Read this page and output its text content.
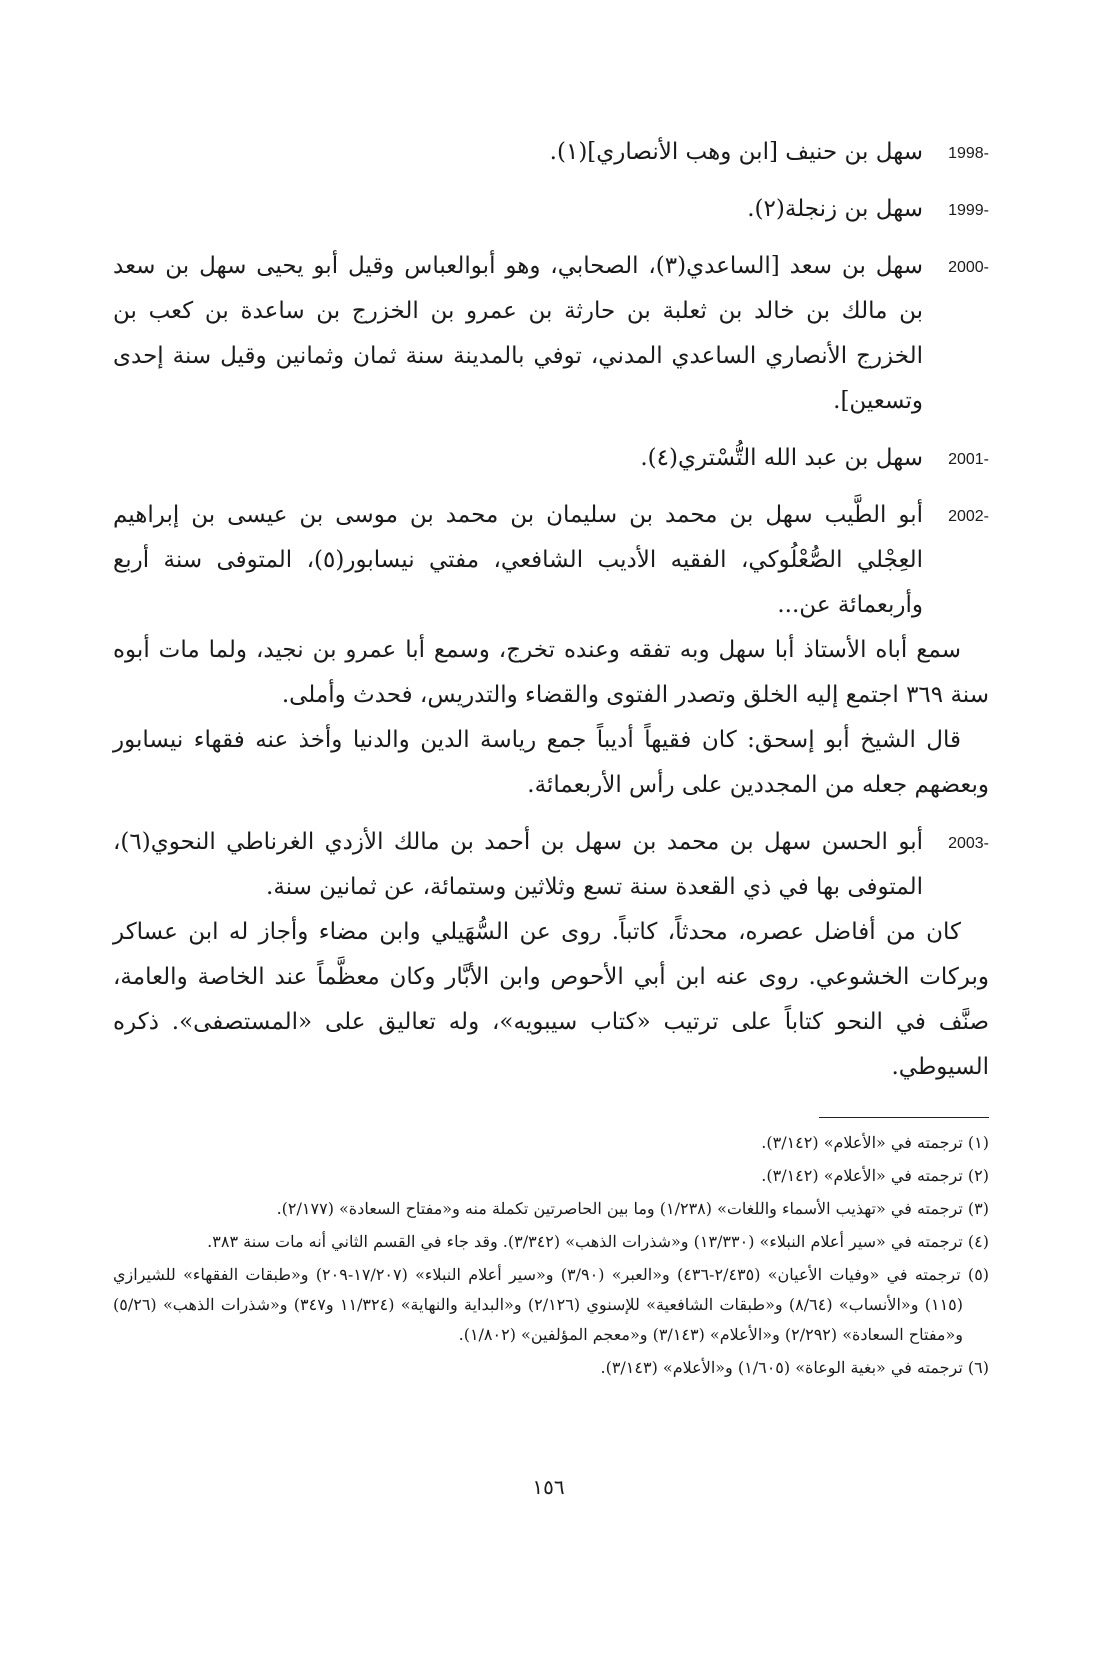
1998-

سهل بن حنيف [ابن وهب الأنصاري](١).

1999-

سهل بن زنجلة(٢).

2000-

سهل بن سعد [الساعدي(٣)، الصحابي، وهو أبوالعباس وقيل أبو يحيى سهل بن سعد بن مالك بن خالد بن ثعلبة بن حارثة بن عمرو بن الخزرج بن ساعدة بن كعب بن الخزرج الأنصاري الساعدي المدني، توفي بالمدينة سنة ثمان وثمانين وقيل سنة إحدى وتسعين].

2001-

سهل بن عبد الله التُّسْتري(٤).

2002-

أبو الطَّيب سهل بن محمد بن سليمان بن محمد بن موسى بن عيسى بن إبراهيم العِجْلي الصُّعْلُوكي، الفقيه الأديب الشافعي، مفتي نيسابور(٥)، المتوفى سنة أربع وأربعمائة عن...

سمع أباه الأستاذ أبا سهل وبه تفقه وعنده تخرج، وسمع أبا عمرو بن نجيد، ولما مات أبوه سنة ٣٦٩ اجتمع إليه الخلق وتصدر الفتوى والقضاء والتدريس، فحدث وأملى.

قال الشيخ أبو إسحق: كان فقيهاً أديباً جمع رياسة الدين والدنيا وأخذ عنه فقهاء نيسابور وبعضهم جعله من المجددين على رأس الأربعمائة.

2003-

أبو الحسن سهل بن محمد بن سهل بن أحمد بن مالك الأزدي الغرناطي النحوي(٦)، المتوفى بها في ذي القعدة سنة تسع وثلاثين وستمائة، عن ثمانين سنة.

كان من أفاضل عصره، محدثاً، كاتباً. روى عن السُّهَيلي وابن مضاء وأجاز له ابن عساكر وبركات الخشوعي. روى عنه ابن أبي الأحوص وابن الأبَّار وكان معظَّماً عند الخاصة والعامة، صنَّف في النحو كتاباً على ترتيب «كتاب سيبويه»، وله تعاليق على «المستصفى». ذكره السيوطي.

(١) ترجمته في «الأعلام» (٣/١٤٢).

(٢) ترجمته في «الأعلام» (٣/١٤٢).

(٣) ترجمته في «تهذيب الأسماء واللغات» (١/٢٣٨) وما بين الحاصرتين تكملة منه و«مفتاح السعادة» (٢/١٧٧).

(٤) ترجمته في «سير أعلام النبلاء» (١٣/٣٣٠) و«شذرات الذهب» (٣/٣٤٢). وقد جاء في القسم الثاني أنه مات سنة ٣٨٣.

(٥) ترجمته في «وفيات الأعيان» (٢/٤٣٥-٤٣٦) و«العبر» (٣/٩٠) و«سير أعلام النبلاء» (١٧/٢٠٧-٢٠٩) و«طبقات الفقهاء» للشيرازي (١١٥) و«الأنساب» (٨/٦٤) و«طبقات الشافعية» للإسنوي (٢/١٢٦) و«البداية والنهاية» (١١/٣٢٤ و٣٤٧) و«شذرات الذهب» (٥/٢٦) و«مفتاح السعادة» (٢/٢٩٢) و«الأعلام» (٣/١٤٣) و«معجم المؤلفين» (١/٨٠٢).

(٦) ترجمته في «بغية الوعاة» (١/٦٠٥) و«الأعلام» (٣/١٤٣).

١٥٦
